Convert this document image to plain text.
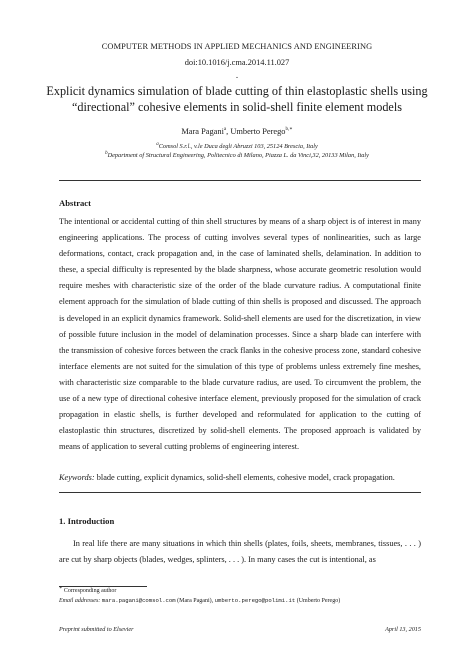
COMPUTER METHODS IN APPLIED MECHANICS AND ENGINEERING
doi:10.1016/j.cma.2014.11.027
.
Explicit dynamics simulation of blade cutting of thin elastoplastic shells using
“directional” cohesive elements in solid-shell finite element models
Mara Pagani$^a$, Umberto Perego$^{b,∗}$
$^a$Comsol S.r.l., v.le Duca degli Abruzzi 103, 25124 Brescia, Italy
$^b$Department of Structural Engineering, Politecnico di Milano, Piazza L. da Vinci,32, 20133 Milan, Italy
Abstract

The intentional or accidental cutting of thin shell structures by means of a sharp object is of interest in many engineering applications. The process of cutting involves several types of nonlinearities, such as large deformations, contact, crack propagation and, in the case of laminated shells, delamination. In addition to these, a special difficulty is represented by the blade sharpness, whose accurate geometric resolution would require meshes with characteristic size of the order of the blade curvature radius. A computational finite element approach for the simulation of blade cutting of thin shells is proposed and discussed. The approach is developed in an explicit dynamics framework. Solid-shell elements are used for the discretization, in view of possible future inclusion in the model of delamination processes. Since a sharp blade can interfere with the transmission of cohesive forces between the crack flanks in the cohesive process zone, standard cohesive interface elements are not suited for the simulation of this type of problems unless extremely fine meshes, with characteristic size comparable to the blade curvature radius, are used. To circumvent the problem, the use of a new type of directional cohesive interface element, previously proposed for the simulation of crack propagation in elastic shells, is further developed and reformulated for application to the cutting of elastoplastic thin structures, discretized by solid-shell elements. The proposed approach is validated by means of application to several cutting problems of engineering interest.

Keywords: blade cutting, explicit dynamics, solid-shell elements, cohesive model, crack propagation.
1. Introduction

In real life there are many situations in which thin shells (plates, foils, sheets, membranes, tissues, . . . ) are cut by sharp objects (blades, wedges, splinters, . . . ). In many cases the cut is intentional, as

∗ Corresponding author
Email addresses: mara.pagani@comsol.com (Mara Pagani), umberto.perego@polimi.it (Umberto Perego)
Preprint submitted to Elsevier	April 13, 2015
